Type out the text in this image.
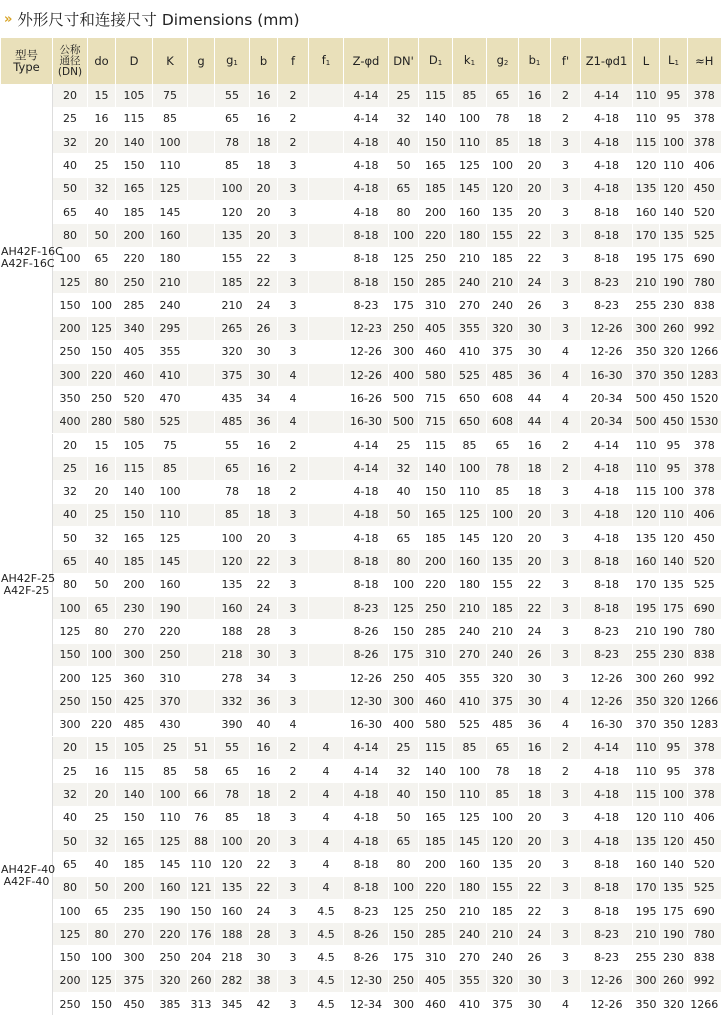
» 外形尺寸和连接尺寸 Dimensions (mm)
型号
Type	公称
通径
(DN)	do	D	K	g	$g_1$	b	f	$f_1$	Z-φd	DN'	$D_1$	$k_1$	$g_2$	$b_1$	f'	Z1-φd1	L	$L_1$	≈H
AH42F-16C
A42F-16C	20	15	105	75		55	16	2		4-14	25	115	85	65	16	2	4-14	110	95	378
	25	16	115	85		65	16	2		4-14	32	140	100	78	18	2	4-18	110	95	378
	32	20	140	100		78	18	2		4-18	40	150	110	85	18	3	4-18	115	100	378
	40	25	150	110		85	18	3		4-18	50	165	125	100	20	3	4-18	120	110	406
	50	32	165	125		100	20	3		4-18	65	185	145	120	20	3	4-18	135	120	450
	65	40	185	145		120	20	3		4-18	80	200	160	135	20	3	8-18	160	140	520
	80	50	200	160		135	20	3		8-18	100	220	180	155	22	3	8-18	170	135	525
	100	65	220	180		155	22	3		8-18	125	250	210	185	22	3	8-18	195	175	690
	125	80	250	210		185	22	3		8-18	150	285	240	210	24	3	8-23	210	190	780
	150	100	285	240		210	24	3		8-23	175	310	270	240	26	3	8-23	255	230	838
	200	125	340	295		265	26	3		12-23	250	405	355	320	30	3	12-26	300	260	992
	250	150	405	355		320	30	3		12-26	300	460	410	375	30	4	12-26	350	320	1266
	300	220	460	410		375	30	4		12-26	400	580	525	485	36	4	16-30	370	350	1283
	350	250	520	470		435	34	4		16-26	500	715	650	608	44	4	20-34	500	450	1520
	400	280	580	525		485	36	4		16-30	500	715	650	608	44	4	20-34	500	450	1530
AH42F-25
A42F-25	20	15	105	75		55	16	2		4-14	25	115	85	65	16	2	4-14	110	95	378
	25	16	115	85		65	16	2		4-14	32	140	100	78	18	2	4-18	110	95	378
	32	20	140	100		78	18	2		4-18	40	150	110	85	18	3	4-18	115	100	378
	40	25	150	110		85	18	3		4-18	50	165	125	100	20	3	4-18	120	110	406
	50	32	165	125		100	20	3		4-18	65	185	145	120	20	3	4-18	135	120	450
	65	40	185	145		120	22	3		8-18	80	200	160	135	20	3	8-18	160	140	520
	80	50	200	160		135	22	3		8-18	100	220	180	155	22	3	8-18	170	135	525
	100	65	230	190		160	24	3		8-23	125	250	210	185	22	3	8-18	195	175	690
	125	80	270	220		188	28	3		8-26	150	285	240	210	24	3	8-23	210	190	780
	150	100	300	250		218	30	3		8-26	175	310	270	240	26	3	8-23	255	230	838
	200	125	360	310		278	34	3		12-26	250	405	355	320	30	3	12-26	300	260	992
	250	150	425	370		332	36	3		12-30	300	460	410	375	30	4	12-26	350	320	1266
	300	220	485	430		390	40	4		16-30	400	580	525	485	36	4	16-30	370	350	1283
AH42F-40
A42F-40	20	15	105	25	51	55	16	2	4	4-14	25	115	85	65	16	2	4-14	110	95	378
	25	16	115	85	58	65	16	2	4	4-14	32	140	100	78	18	2	4-18	110	95	378
	32	20	140	100	66	78	18	2	4	4-18	40	150	110	85	18	3	4-18	115	100	378
	40	25	150	110	76	85	18	3	4	4-18	50	165	125	100	20	3	4-18	120	110	406
	50	32	165	125	88	100	20	3	4	4-18	65	185	145	120	20	3	4-18	135	120	450
	65	40	185	145	110	120	22	3	4	8-18	80	200	160	135	20	3	8-18	160	140	520
	80	50	200	160	121	135	22	3	4	8-18	100	220	180	155	22	3	8-18	170	135	525
	100	65	235	190	150	160	24	3	4.5	8-23	125	250	210	185	22	3	8-18	195	175	690
	125	80	270	220	176	188	28	3	4.5	8-26	150	285	240	210	24	3	8-23	210	190	780
	150	100	300	250	204	218	30	3	4.5	8-26	175	310	270	240	26	3	8-23	255	230	838
	200	125	375	320	260	282	38	3	4.5	12-30	250	405	355	320	30	3	12-26	300	260	992
	250	150	450	385	313	345	42	3	4.5	12-34	300	460	410	375	30	4	12-26	350	320	1266
